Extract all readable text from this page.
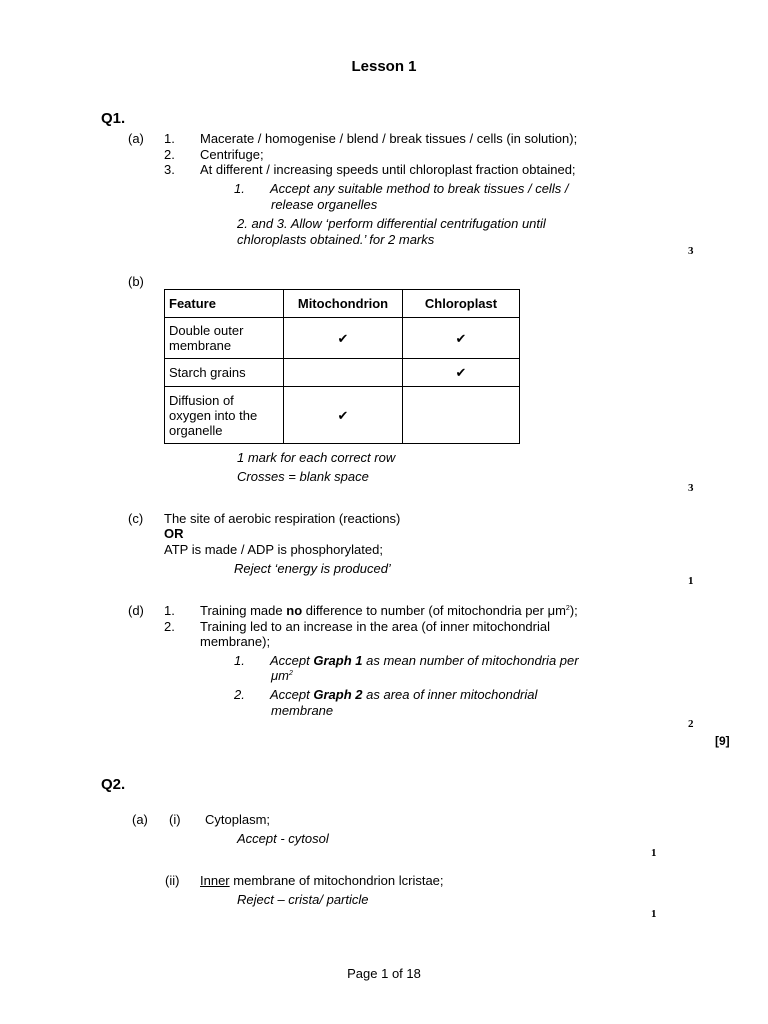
Lesson 1
Q1.
(a) 1. Macerate / homogenise / blend / break tissues / cells (in solution);
2. Centrifuge;
3. At different / increasing speeds until chloroplast fraction obtained;
1. Accept any suitable method to break tissues / cells /
release organelles
2. and 3. Allow ‘perform differential centrifugation until
chloroplasts obtained.’ for 2 marks
3
(b)
Feature	Mitochondrion	Chloroplast
Double outer membrane	✔	✔
Starch grains		✔
Diffusion of oxygen into the organelle	✔	
1 mark for each correct row
Crosses = blank space
3
(c) The site of aerobic respiration (reactions)
OR
ATP is made / ADP is phosphorylated;
Reject ‘energy is produced’
1
(d) 1. Training made no difference to number (of mitochondria per $\mu m^2$);
2. Training led to an increase in the area (of inner mitochondrial
membrane);
1. Accept Graph 1 as mean number of mitochondria per
$\mu m^2$
2. Accept Graph 2 as area of inner mitochondrial
membrane
2
[9]
Q2.
(a) (i) Cytoplasm;
Accept - cytosol
1
(ii) Inner membrane of mitochondrion lcristae;
Reject – crista/ particle
1
Page 1 of 18
